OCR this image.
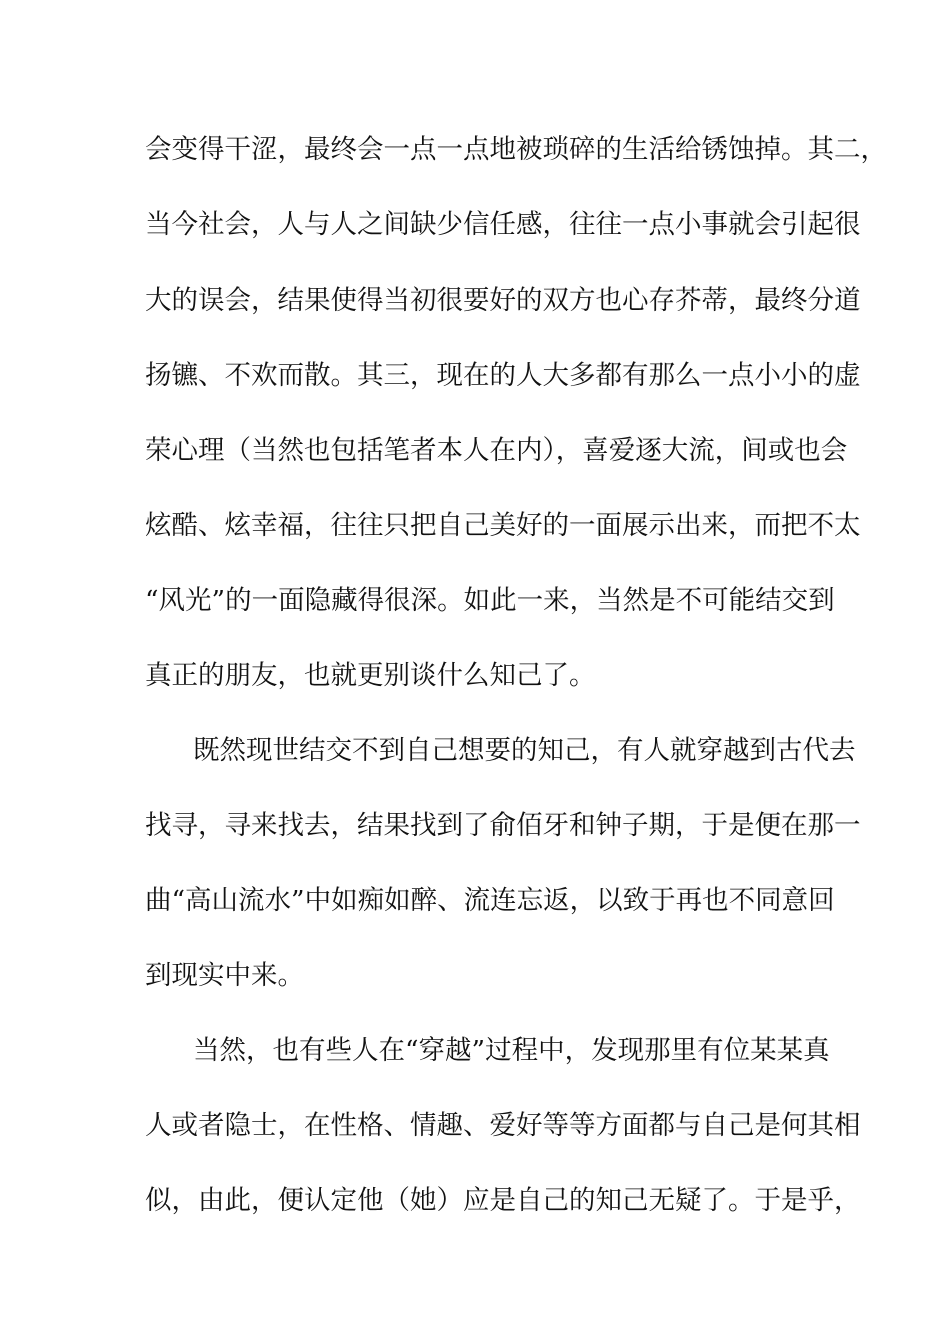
会变得干涩，最终会一点一点地被琐碎的生活给锈蚀掉。其二，
当今社会，人与人之间缺少信任感，往往一点小事就会引起很
大的误会，结果使得当初很要好的双方也心存芥蒂，最终分道
扬镳、不欢而散。其三，现在的人大多都有那么一点小小的虚
荣心理（当然也包括笔者本人在内），喜爱逐大流，间或也会
炫酷、炫幸福，往往只把自己美好的一面展示出来，而把不太
“风光”的一面隐藏得很深。如此一来，当然是不可能结交到
真正的朋友，也就更别谈什么知己了。
既然现世结交不到自己想要的知己，有人就穿越到古代去
找寻，寻来找去，结果找到了俞佰牙和钟子期，于是便在那一
曲“高山流水”中如痴如醉、流连忘返，以致于再也不同意回
到现实中来。
当然，也有些人在“穿越”过程中，发现那里有位某某真
人或者隐士，在性格、情趣、爱好等等方面都与自己是何其相
似，由此，便认定他（她）应是自己的知己无疑了。于是乎，
